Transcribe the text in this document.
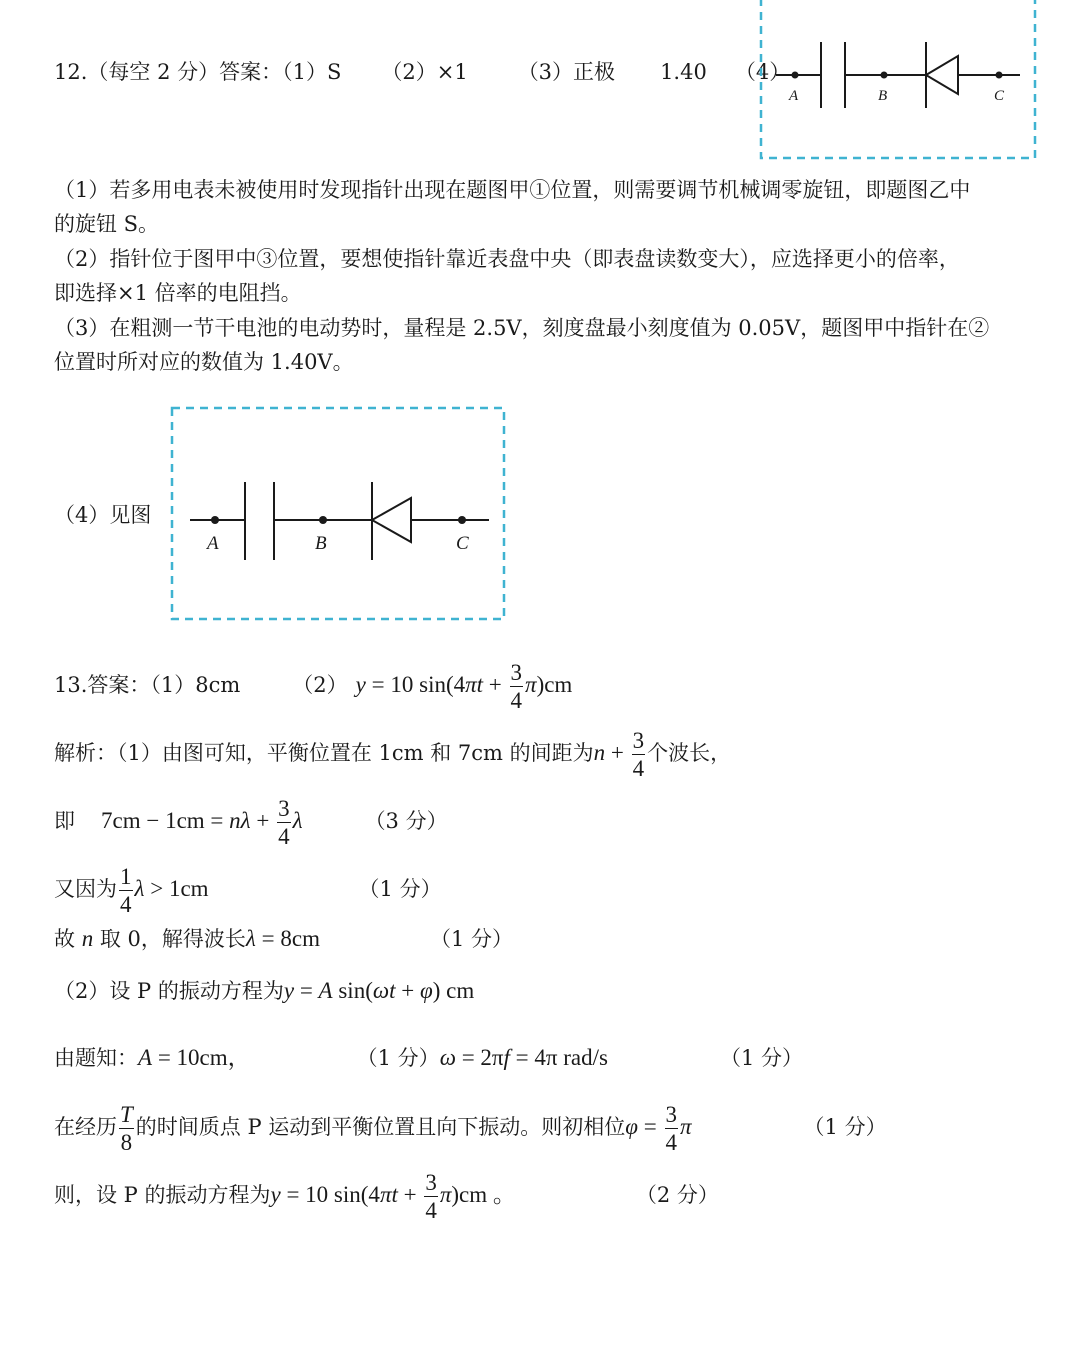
12.（每空 2 分）答案：（1）S （2）×1 （3）正极 1.40 （4）
A	B	C
（1）若多用电表未被使用时发现指针出现在题图甲①位置，则需要调节机械调零旋钮，即题图乙中
的旋钮 S。
（2）指针位于图甲中③位置，要想使指针靠近表盘中央（即表盘读数变大），应选择更小的倍率，
即选择×1 倍率的电阻挡。
（3）在粗测一节干电池的电动势时，量程是 2.5V，刻度盘最小刻度值为 0.05V，题图甲中指针在②
位置时所对应的数值为 1.40V。
（4）见图
A	B	C
13.答案：（1）8cm （2） y = 10 $\sin(4\pi t + \frac{3}{4} \pi)cm$
解析：（1）由图可知，平衡位置在 1cm 和 7cm 的间距为$n + \frac{3}{4}$ 个波长，
即 $7cm - 1cm = n\lambda + \frac{3}{4}$ λ	（3 分）
又因为 $\frac{1}{4}$ λ > 1cm	（1 分）
故 n 取 0，解得波长λ = 8cm	（1 分）
（2）设 P 的振动方程为y = A sin(ωt + φ) cm
由题知：A = 10cm，	（1 分）ω = 2πf = 4π rad/s	（1 分）
在经历 $\frac{T}{8}$ 的时间质点 P 运动到平衡位置且向下振动。则初相位$\varphi = \frac{3}{4}$ π	（1 分）
则，设 P 的振动方程为y = 10 $\sin(4\pi t + \frac{3}{4} \pi)cm$ 。	（2 分）
